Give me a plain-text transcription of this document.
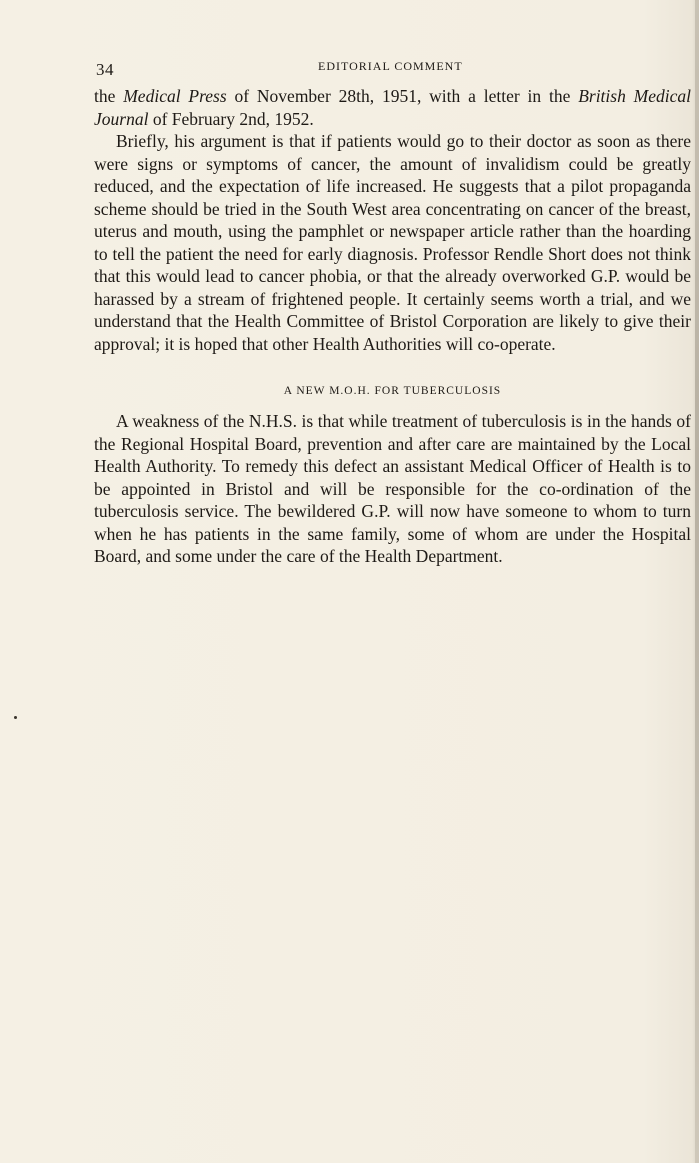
34	EDITORIAL COMMENT

the Medical Press of November 28th, 1951, with a letter in the British Medical Journal of February 2nd, 1952.

Briefly, his argument is that if patients would go to their doctor as soon as there were signs or symptoms of cancer, the amount of invalidism could be greatly reduced, and the expectation of life increased. He suggests that a pilot propaganda scheme should be tried in the South West area concentrating on cancer of the breast, uterus and mouth, using the pamphlet or newspaper article rather than the hoarding to tell the patient the need for early diagnosis. Professor Rendle Short does not think that this would lead to cancer phobia, or that the already overworked G.P. would be harassed by a stream of frightened people. It certainly seems worth a trial, and we understand that the Health Committee of Bristol Corporation are likely to give their approval; it is hoped that other Health Authorities will co-operate.

A NEW M.O.H. FOR TUBERCULOSIS

A weakness of the N.H.S. is that while treatment of tuberculosis is in the hands of the Regional Hospital Board, prevention and after care are maintained by the Local Health Authority. To remedy this defect an assistant Medical Officer of Health is to be appointed in Bristol and will be responsible for the co-ordination of the tuberculosis service. The bewildered G.P. will now have someone to whom to turn when he has patients in the same family, some of whom are under the Hospital Board, and some under the care of the Health Department.
